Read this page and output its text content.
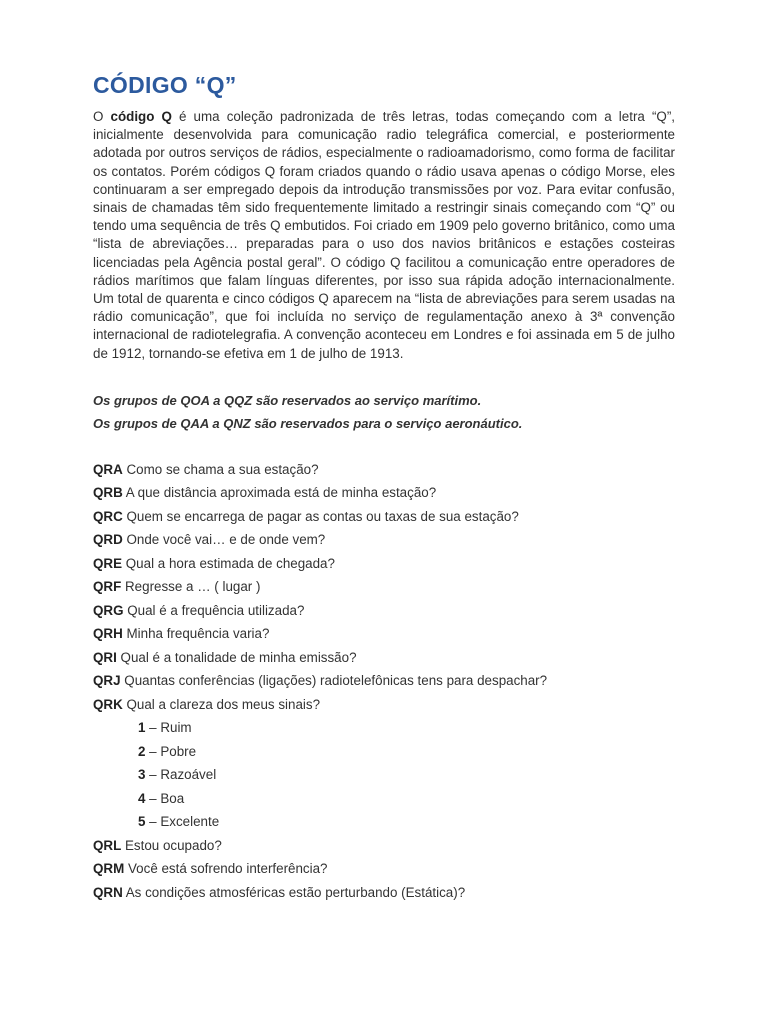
CÓDIGO “Q”

O código Q é uma coleção padronizada de três letras, todas começando com a letra “Q”, inicialmente desenvolvida para comunicação radio telegráfica comercial, e posteriormente adotada por outros serviços de rádios, especialmente o radioamadorismo, como forma de facilitar os contatos. Porém códigos Q foram criados quando o rádio usava apenas o código Morse, eles continuaram a ser empregado depois da introdução transmissões por voz. Para evitar confusão, sinais de chamadas têm sido frequentemente limitado a restringir sinais começando com “Q” ou tendo uma sequência de três Q embutidos. Foi criado em 1909 pelo governo britânico, como uma “lista de abreviações… preparadas para o uso dos navios britânicos e estações costeiras licenciadas pela Agência postal geral”. O código Q facilitou a comunicação entre operadores de rádios marítimos que falam línguas diferentes, por isso sua rápida adoção internacionalmente. Um total de quarenta e cinco códigos Q aparecem na “lista de abreviações para serem usadas na rádio comunicação”, que foi incluída no serviço de regulamentação anexo à 3ª convenção internacional de radiotelegrafia. A convenção aconteceu em Londres e foi assinada em 5 de julho de 1912, tornando-se efetiva em 1 de julho de 1913.

Os grupos de QOA a QQZ são reservados ao serviço marítimo.
Os grupos de QAA a QNZ são reservados para o serviço aeronáutico.
QRA Como se chama a sua estação?
QRB A que distância aproximada está de minha estação?
QRC Quem se encarrega de pagar as contas ou taxas de sua estação?
QRD Onde você vai… e de onde vem?
QRE Qual a hora estimada de chegada?
QRF Regresse a … ( lugar )
QRG Qual é a frequência utilizada?
QRH Minha frequência varia?
QRI Qual é a tonalidade de minha emissão?
QRJ Quantas conferências (ligações) radiotelefônicas tens para despachar?
QRK Qual a clareza dos meus sinais?
1 – Ruim
2 – Pobre
3 – Razoável
4 – Boa
5 – Excelente
QRL Estou ocupado?
QRM Você está sofrendo interferência?
QRN As condições atmosféricas estão perturbando (Estática)?
